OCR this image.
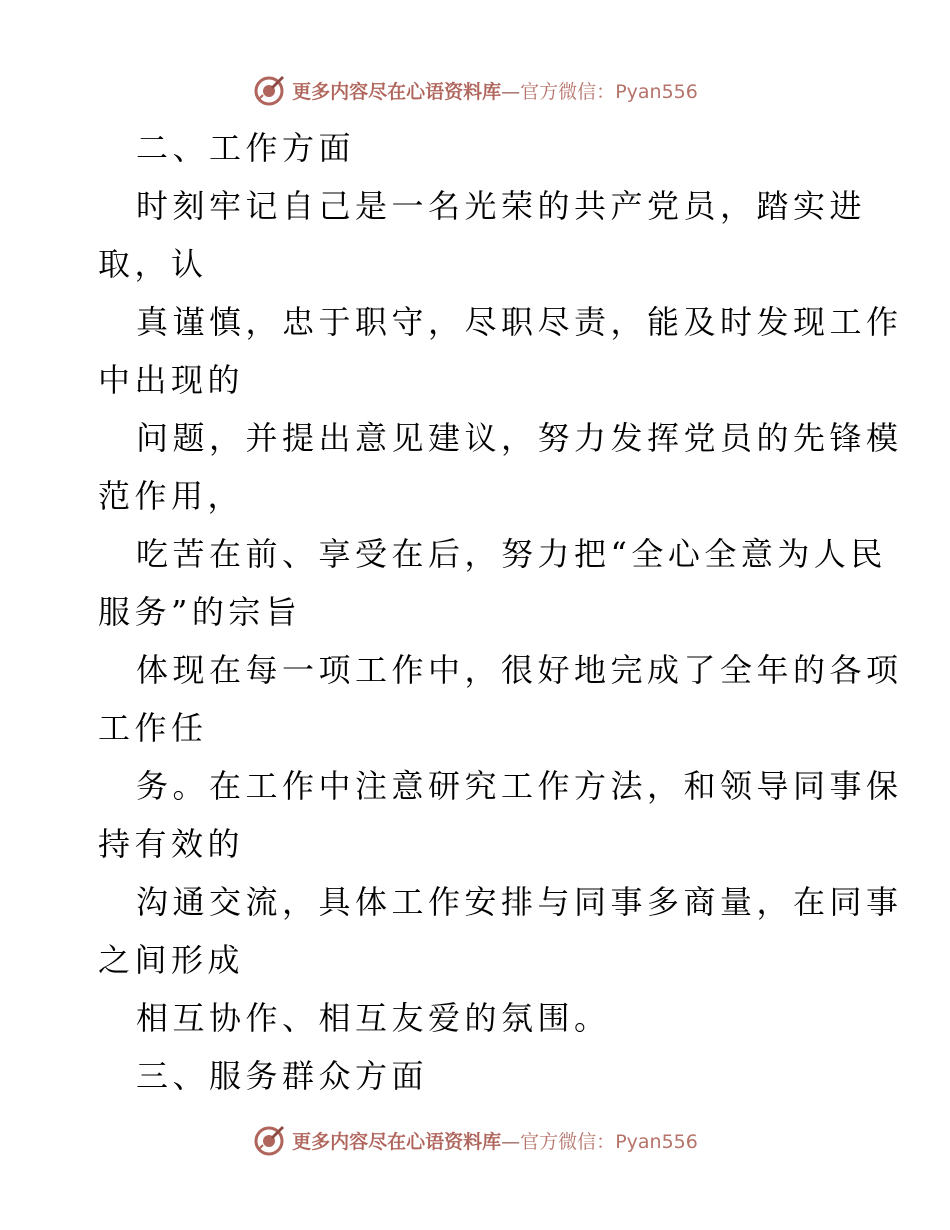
更多内容尽在心语资料库—官方微信：Pyan556
二、工作方面
时刻牢记自己是一名光荣的共产党员，踏实进
取，认
真谨慎，忠于职守，尽职尽责，能及时发现工作
中出现的
问题，并提出意见建议，努力发挥党员的先锋模
范作用，
吃苦在前、享受在后，努力把“全心全意为人民
服务”的宗旨
体现在每一项工作中，很好地完成了全年的各项
工作任
务。在工作中注意研究工作方法，和领导同事保
持有效的
沟通交流，具体工作安排与同事多商量，在同事
之间形成
相互协作、相互友爱的氛围。
三、服务群众方面
更多内容尽在心语资料库—官方微信：Pyan556
